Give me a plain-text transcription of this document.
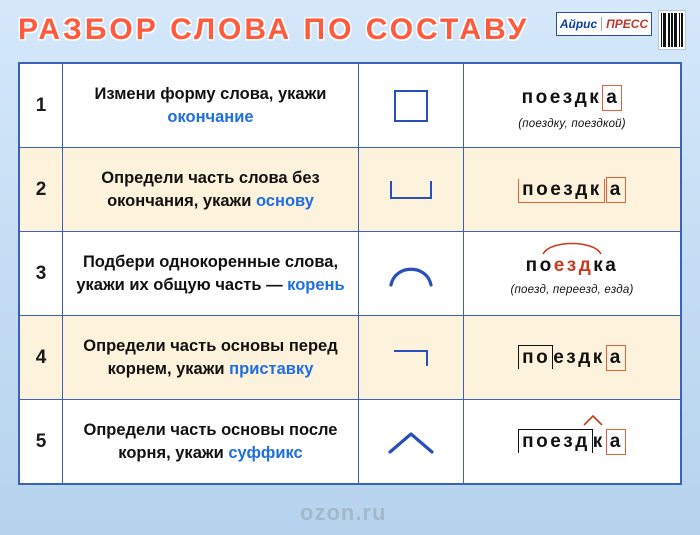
РАЗБОР СЛОВА ПО СОСТАВУ	Айрис ПРЕСС
1

Измени форму слова, укажи
окончание

поездк а
(поездку, поездкой)
2

Определи часть слова без окончания, укажи основу

поездк а
3

Подбери однокоренные слова, укажи их общую часть — корень

поездка
(поезд, переезд, езда)
4

Определи часть основы перед корнем, укажи приставку

по ездк а
5

Определи часть основы после корня, укажи суффикс

поезд к а
ozon.ru
